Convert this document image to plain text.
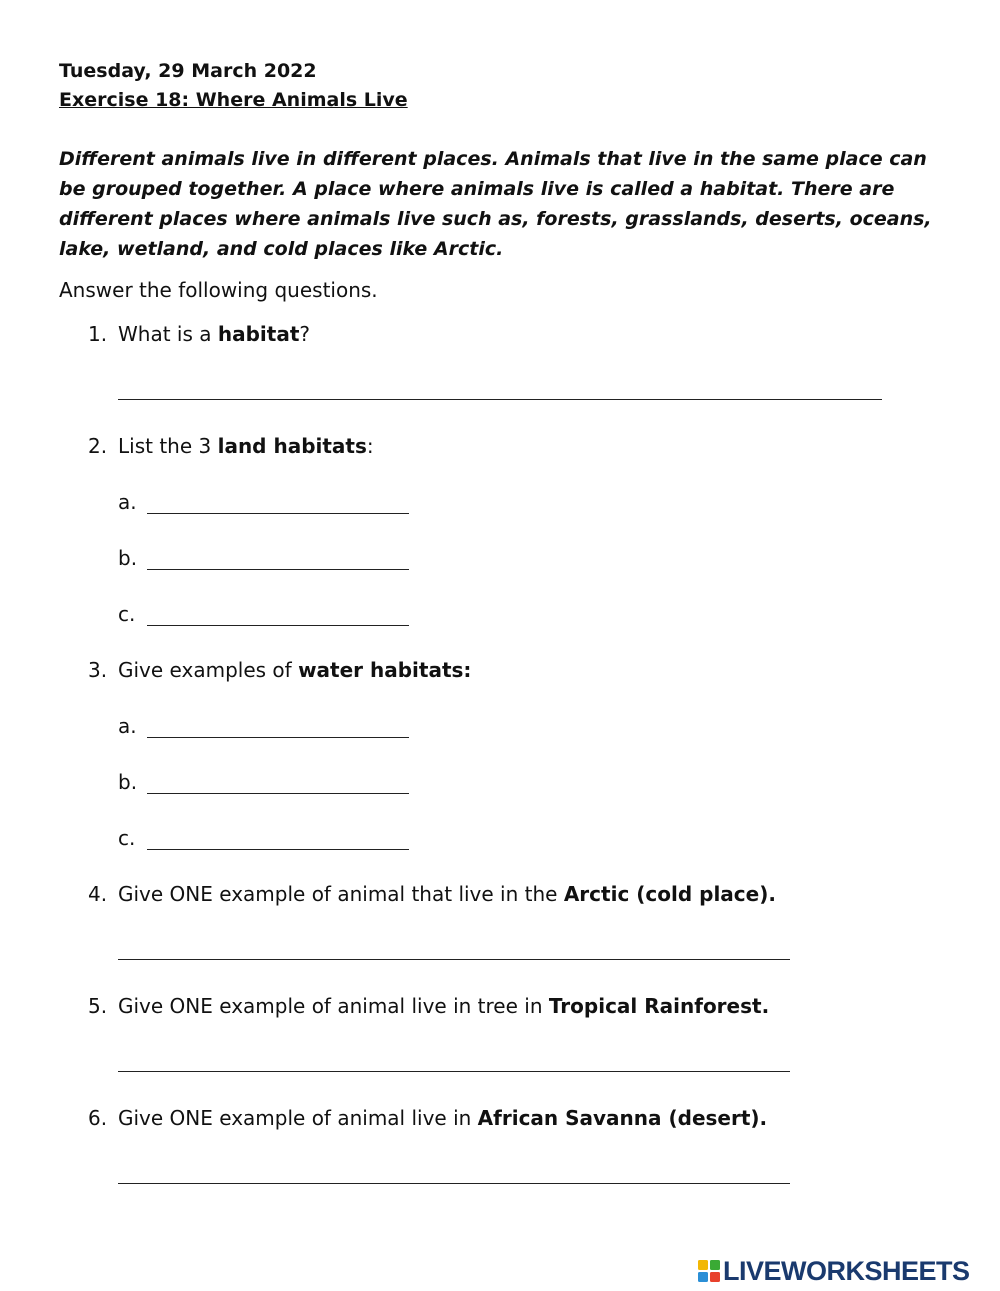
Tuesday, 29 March 2022
Exercise 18: Where Animals Live
Different animals live in different places. Animals that live in the same place can be grouped together. A place where animals live is called a habitat. There are different places where animals live such as, forests, grasslands, deserts, oceans, lake, wetland, and cold places like Arctic.
Answer the following questions.
1. What is a habitat?
2. List the 3 land habitats:
a.
b.
c.
3. Give examples of water habitats:
a.
b.
c.
4. Give ONE example of animal that live in the Arctic (cold place).
5. Give ONE example of animal live in tree in Tropical Rainforest.
6. Give ONE example of animal live in African Savanna (desert).
LIVEWORKSHEETS
